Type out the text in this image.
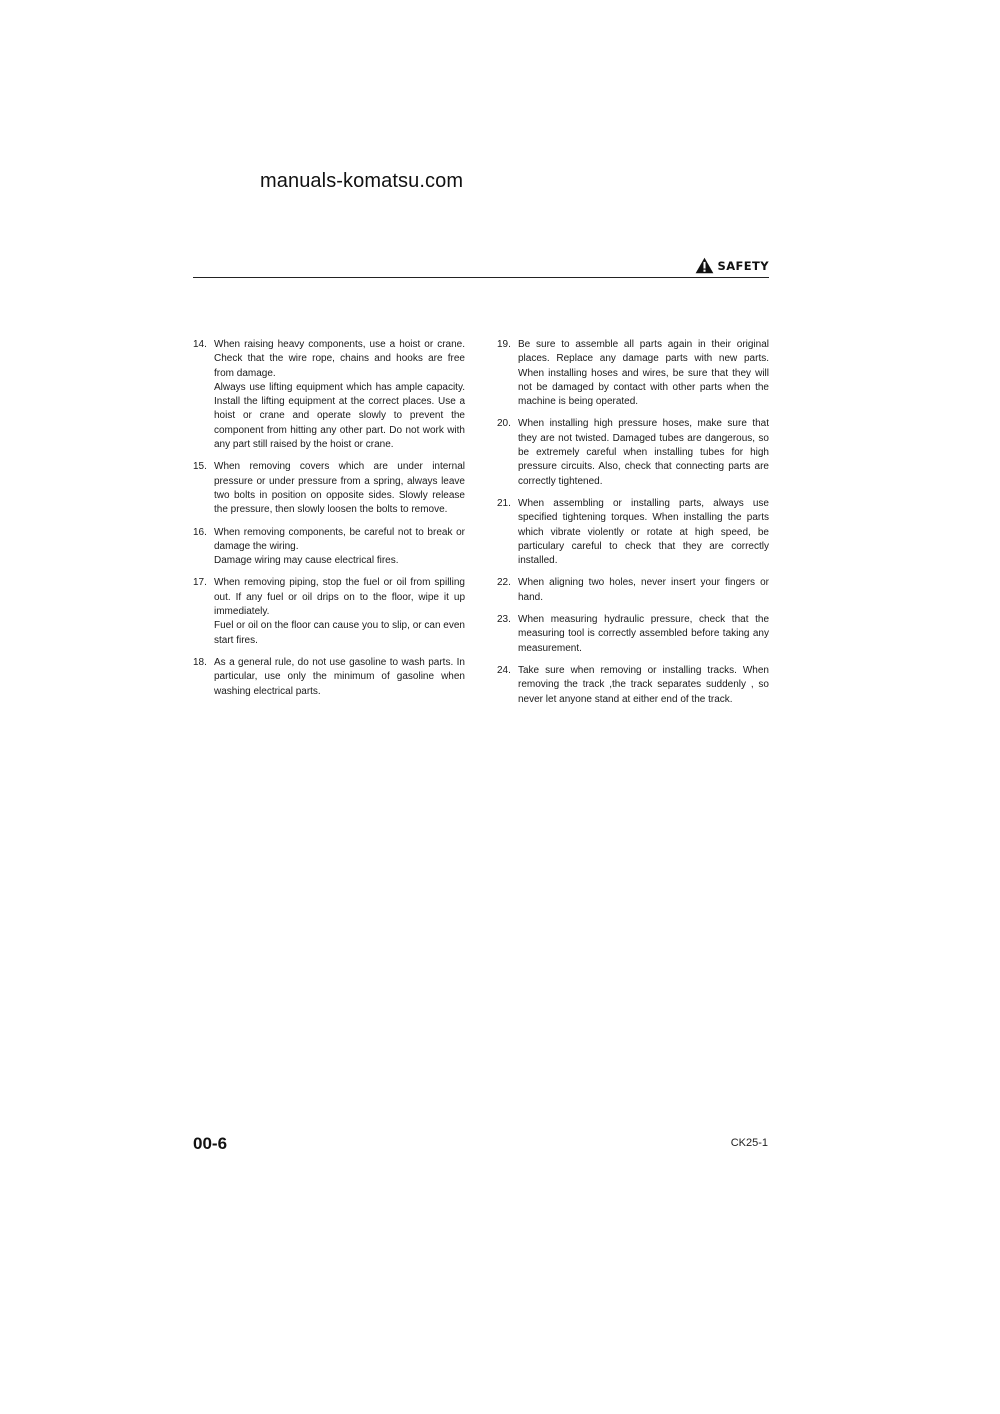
manuals-komatsu.com
SAFETY
14. When raising heavy components, use a hoist or crane. Check that the wire rope, chains and hooks are free from damage.

Always use lifting equipment which has ample capacity. Install the lifting equipment at the correct places. Use a hoist or crane and operate slowly to prevent the component from hitting any other part. Do not work with any part still raised by the hoist or crane.

15. When removing covers which are under internal pressure or under pressure from a spring, always leave two bolts in position on opposite sides. Slowly release the pressure, then slowly loosen the bolts to remove.

16. When removing components, be careful not to break or damage the wiring.

Damage wiring may cause electrical fires.

17. When removing piping, stop the fuel or oil from spilling out. If any fuel or oil drips on to the floor, wipe it up immediately.

Fuel or oil on the floor can cause you to slip, or can even start fires.

18. As a general rule, do not use gasoline to wash parts. In particular, use only the minimum of gasoline when washing electrical parts.

19. Be sure to assemble all parts again in their original places. Replace any damage parts with new parts. When installing hoses and wires, be sure that they will not be damaged by contact with other parts when the machine is being operated.

20. When installing high pressure hoses, make sure that they are not twisted. Damaged tubes are dangerous, so be extremely careful when installing tubes for high pressure circuits. Also, check that connecting parts are correctly tightened.

21. When assembling or installing parts, always use specified tightening torques. When installing the parts which vibrate violently or rotate at high speed, be particulary careful to check that they are correctly installed.

22. When aligning two holes, never insert your fingers or hand.

23. When measuring hydraulic pressure, check that the measuring tool is correctly assembled before taking any measurement.

24. Take sure when removing or installing tracks. When removing the track ,the track separates suddenly , so never let anyone stand at either end of the track.

00-6	CK25-1
